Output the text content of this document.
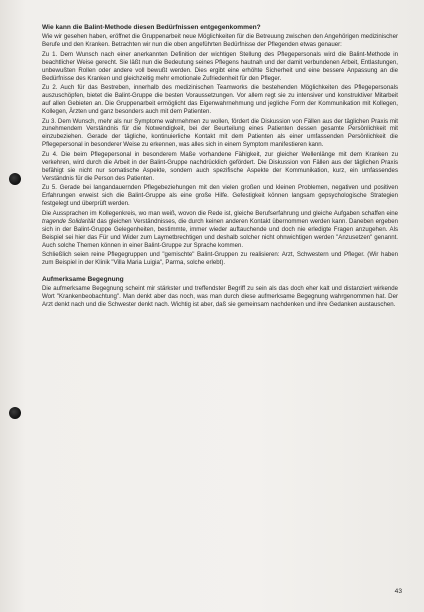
Wie kann die Balint-Methode diesen Bedürfnissen entgegenkommen?

Wie wir gesehen haben, eröffnet die Gruppenarbeit neue Möglichkeiten für die Betreuung zwischen den Angehörigen medizinischer Berufe und den Kranken. Betrachten wir nun die oben angeführten Bedürfnisse der Pflegenden etwas genauer:

Zu 1. Dem Wunsch nach einer anerkannten Definition der wichtigen Stellung des Pflegepersonals wird die Balint-Methode in beachtlicher Weise gerecht. Sie läßt nun die Bedeutung seines Pflegens hautnah und der damit verbundenen Arbeit, Entlastungen, unbewußten Rollen oder andere voll bewußt werden. Dies ergibt eine erhöhte Sicherheit und eine bessere Anpassung an die Bedürfnisse des Kranken und gleichzeitig mehr emotionale Zufriedenheit für den Pfleger.

Zu 2. Auch für das Bestreben, innerhalb des medizinischen Teamworks die bestehenden Möglichkeiten des Pflegepersonals auszuschöpfen, bietet die Balint-Gruppe die besten Voraussetzungen. Vor allem regt sie zu intensiver und konstruktiver Mitarbeit auf allen Gebieten an. Die Gruppenarbeit ermöglicht das Eigenwahrnehmung und jegliche Form der Kommunikation mit Kollegen, Kollegen, Ärzten und ganz besonders auch mit dem Patienten.

Zu 3. Dem Wunsch, mehr als nur Symptome wahrnehmen zu wollen, fördert die Diskussion von Fällen aus der täglichen Praxis mit zunehmendem Verständnis für die Notwendigkeit, bei der Beurteilung eines Patienten dessen gesamte Persönlichkeit mit einzubeziehen. Gerade der tägliche, kontinuierliche Kontakt mit dem Patienten als einer umfassenden Persönlichkeit die Pflegepersonal in besonderer Weise zu erkennen, was alles sich in einem Symptom manifestieren kann.

Zu 4. Die beim Pflegepersonal in besonderem Maße vorhandene Fähigkeit, zur gleicher Wellenlänge mit dem Kranken zu verkehren, wird durch die Arbeit in der Balint-Gruppe nachdrücklich gefördert. Die Diskussion von Fällen aus der täglichen Praxis befähigt sie nicht nur somatische Aspekte, sondern auch spezifische Aspekte der Kommunikation, kurz, ein umfassendes Verständnis für die Person des Patienten.

Zu 5. Gerade bei langandauernden Pflegebeziehungen mit den vielen großen und kleinen Problemen, negativen und positiven Erfahrungen erweist sich die Balint-Gruppe als eine große Hilfe. Gefestigkeit können langsam gepsychologische Strategien festgelegt und überprüft werden.

Die Aussprachen im Kollegenkreis, wo man weiß, wovon die Rede ist, gleiche Berufserfahrung und gleiche Aufgaben schaffen eine tragende Solidarität das gleichen Verständnisses, die durch keinen anderen Kontakt übernommen werden kann. Daneben ergeben sich in der Balint-Gruppe Gelegenheiten, bestimmte, immer wieder auftauchende und doch nie erledigte Fragen anzugehen. Als Beispiel sei hier das Für und Wider zum Laymetbrechtigen und deshalb solcher nicht ohnwichtigen werden "Anzusetzen" genannt. Auch solche Themen können in einer Balint-Gruppe zur Sprache kommen.

Schließlich seien reine Pflegegruppen und "gemischte" Balint-Gruppen zu realisieren: Arzt, Schwestern und Pfleger. (Wir haben zum Beispiel in der Klinik "Villa Maria Luigia", Parma, solche erlebt).

Aufmerksame Begegnung

Die aufmerksame Begegnung scheint mir stärkster und treffendster Begriff zu sein als das doch eher kalt und distanziert wirkende Wort "Krankenbeobachtung". Man denkt aber das noch, was man durch diese aufmerksame Begegnung wahrgenommen hat. Der Arzt denkt nach und die Schwester denkt nach. Wichtig ist aber, daß sie gemeinsam nachdenken und ihre Gedanken austauschen.

43
